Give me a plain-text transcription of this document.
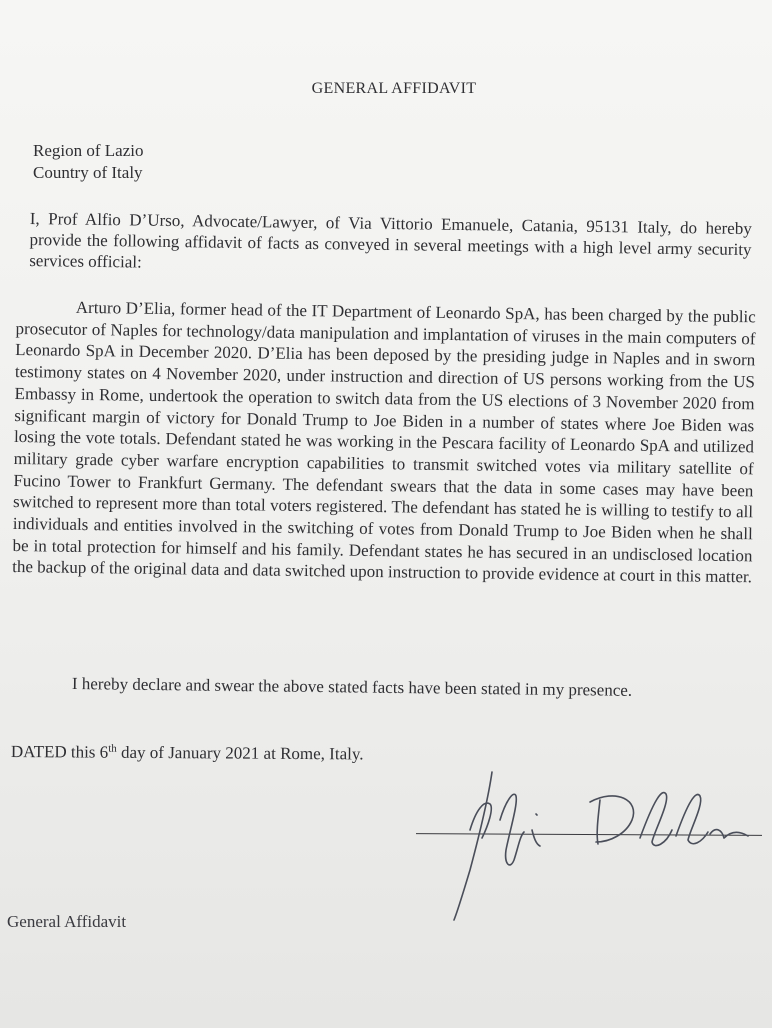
GENERAL AFFIDAVIT
Region of Lazio
Country of Italy

I, Prof Alfio D’Urso, Advocate/Lawyer, of Via Vittorio Emanuele, Catania, 95131 Italy, do hereby provide the following affidavit of facts as conveyed in several meetings with a high level army security services official:

Arturo D’Elia, former head of the IT Department of Leonardo SpA, has been charged by the public prosecutor of Naples for technology/data manipulation and implantation of viruses in the main computers of Leonardo SpA in December 2020. D’Elia has been deposed by the presiding judge in Naples and in sworn testimony states on 4 November 2020, under instruction and direction of US persons working from the US Embassy in Rome, undertook the operation to switch data from the US elections of 3 November 2020 from significant margin of victory for Donald Trump to Joe Biden in a number of states where Joe Biden was losing the vote totals. Defendant stated he was working in the Pescara facility of Leonardo SpA and utilized military grade cyber warfare encryption capabilities to transmit switched votes via military satellite of Fucino Tower to Frankfurt Germany. The defendant swears that the data in some cases may have been switched to represent more than total voters registered. The defendant has stated he is willing to testify to all individuals and entities involved in the switching of votes from Donald Trump to Joe Biden when he shall be in total protection for himself and his family. Defendant states he has secured in an undisclosed location the backup of the original data and data switched upon instruction to provide evidence at court in this matter.

I hereby declare and swear the above stated facts have been stated in my presence.
DATED this 6th day of January 2021 at Rome, Italy.
General Affidavit
